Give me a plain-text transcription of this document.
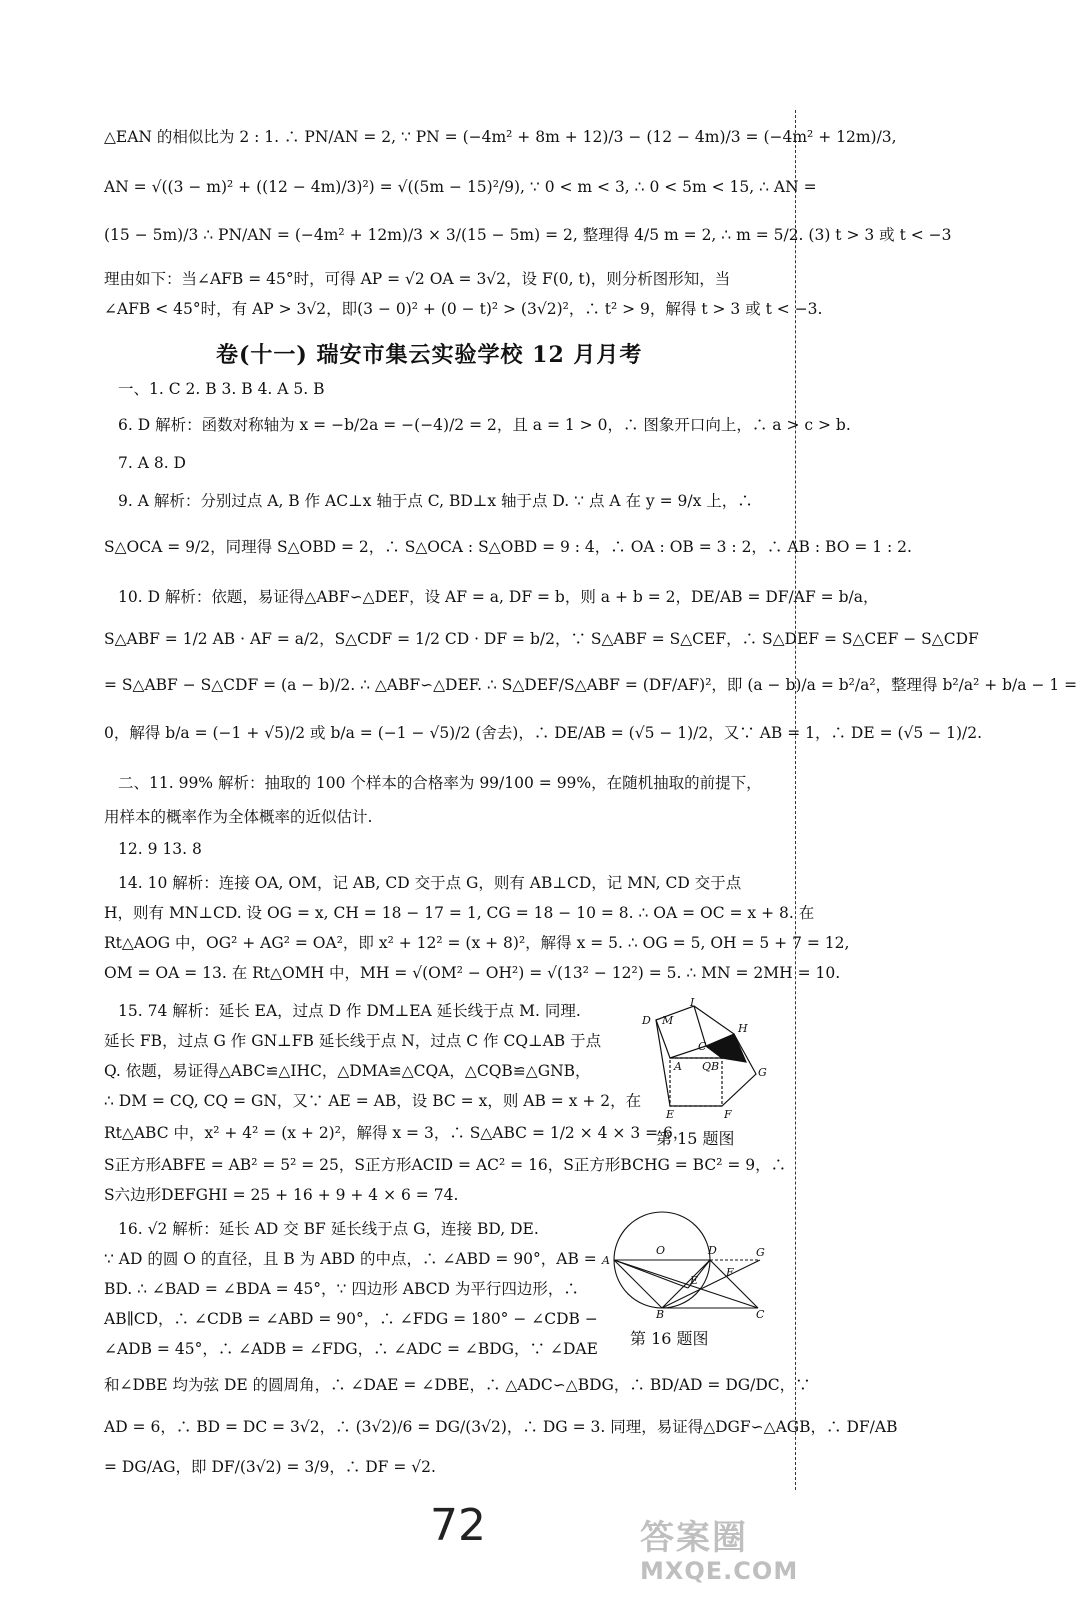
△EAN 的相似比为 2 : 1. ∴ PN/AN = 2, ∵ PN = (−4m² + 8m + 12)/3 − (12 − 4m)/3 = (−4m² + 12m)/3,
AN = √((3 − m)² + ((12 − 4m)/3)²) = √((5m − 15)²/9), ∵ 0 < m < 3, ∴ 0 < 5m < 15, ∴ AN =
(15 − 5m)/3 ∴ PN/AN = (−4m² + 12m)/3 × 3/(15 − 5m) = 2, 整理得 4/5 m = 2, ∴ m = 5/2. (3) t > 3 或 t < −3
理由如下：当∠AFB = 45°时，可得 AP = √2 OA = 3√2，设 F(0, t)，则分析图形知，当
∠AFB < 45°时，有 AP > 3√2，即(3 − 0)² + (0 − t)² > (3√2)²，∴ t² > 9，解得 t > 3 或 t < −3.
卷(十一) 瑞安市集云实验学校 12 月月考
一、1. C 2. B 3. B 4. A 5. B
6. D 解析：函数对称轴为 x = −b/2a = −(−4)/2 = 2，且 a = 1 > 0，∴ 图象开口向上，∴ a > c > b.
7. A 8. D
9. A 解析：分别过点 A, B 作 AC⊥x 轴于点 C, BD⊥x 轴于点 D. ∵ 点 A 在 y = 9/x 上，∴
S△OCA = 9/2，同理得 S△OBD = 2，∴ S△OCA : S△OBD = 9 : 4，∴ OA : OB = 3 : 2，∴ AB : BO = 1 : 2.
10. D 解析：依题，易证得△ABF∽△DEF，设 AF = a, DF = b，则 a + b = 2，DE/AB = DF/AF = b/a，
S△ABF = 1/2 AB · AF = a/2，S△CDF = 1/2 CD · DF = b/2，∵ S△ABF = S△CEF，∴ S△DEF = S△CEF − S△CDF
= S△ABF − S△CDF = (a − b)/2. ∴ △ABF∽△DEF. ∴ S△DEF/S△ABF = (DF/AF)²，即 (a − b)/a = b²/a²，整理得 b²/a² + b/a − 1 =
0，解得 b/a = (−1 + √5)/2 或 b/a = (−1 − √5)/2 (舍去)，∴ DE/AB = (√5 − 1)/2，又∵ AB = 1，∴ DE = (√5 − 1)/2.
二、11. 99% 解析：抽取的 100 个样本的合格率为 99/100 = 99%，在随机抽取的前提下，
用样本的概率作为全体概率的近似估计.
12. 9 13. 8
14. 10 解析：连接 OA, OM，记 AB, CD 交于点 G，则有 AB⊥CD，记 MN, CD 交于点
H，则有 MN⊥CD. 设 OG = x, CH = 18 − 17 = 1, CG = 18 − 10 = 8. ∴ OA = OC = x + 8. 在
Rt△AOG 中，OG² + AG² = OA²，即 x² + 12² = (x + 8)²，解得 x = 5. ∴ OG = 5, OH = 5 + 7 = 12,
OM = OA = 13. 在 Rt△OMH 中，MH = √(OM² − OH²) = √(13² − 12²) = 5. ∴ MN = 2MH = 10.
15. 74 解析：延长 EA，过点 D 作 DM⊥EA 延长线于点 M. 同理.
延长 FB，过点 G 作 GN⊥FB 延长线于点 N，过点 C 作 CQ⊥AB 于点
Q. 依题，易证得△ABC≌△IHC，△DMA≌△CQA，△CQB≌△GNB，
∴ DM = CQ, CQ = GN，又∵ AE = AB，设 BC = x，则 AB = x + 2，在
Rt△ABC 中，x² + 4² = (x + 2)²，解得 x = 3，∴ S△ABC = 1/2 × 4 × 3 = 6，
S正方形ABFE = AB² = 5² = 25，S正方形ACID = AC² = 16，S正方形BCHG = BC² = 9，∴
S六边形DEFGHI = 25 + 16 + 9 + 4 × 6 = 74.
16. √2 解析：延长 AD 交 BF 延长线于点 G，连接 BD, DE.
∵ AD 的圆 O 的直径，且 B 为 ABD 的中点，∴ ∠ABD = 90°，AB =
BD. ∴ ∠BAD = ∠BDA = 45°，∵ 四边形 ABCD 为平行四边形，∴
AB∥CD，∴ ∠CDB = ∠ABD = 90°，∴ ∠FDG = 180° − ∠CDB −
∠ADB = 45°，∴ ∠ADB = ∠FDG，∴ ∠ADC = ∠BDG，∵ ∠DAE
和∠DBE 均为弦 DE 的圆周角，∴ ∠DAE = ∠DBE，∴ △ADC∽△BDG，∴ BD/AD = DG/DC，∵
AD = 6，∴ BD = DC = 3√2，∴ (3√2)/6 = DG/(3√2)，∴ DG = 3. 同理，易证得△DGF∽△AGB，∴ DF/AB
= DG/AG，即 DF/(3√2) = 3/9，∴ DF = √2.
I
D M
H
C
G
A QB
E	F
第 15 题图
O	D	G
A
E
F
B	C
第 16 题图
72	答案圈
MXQE.COM
